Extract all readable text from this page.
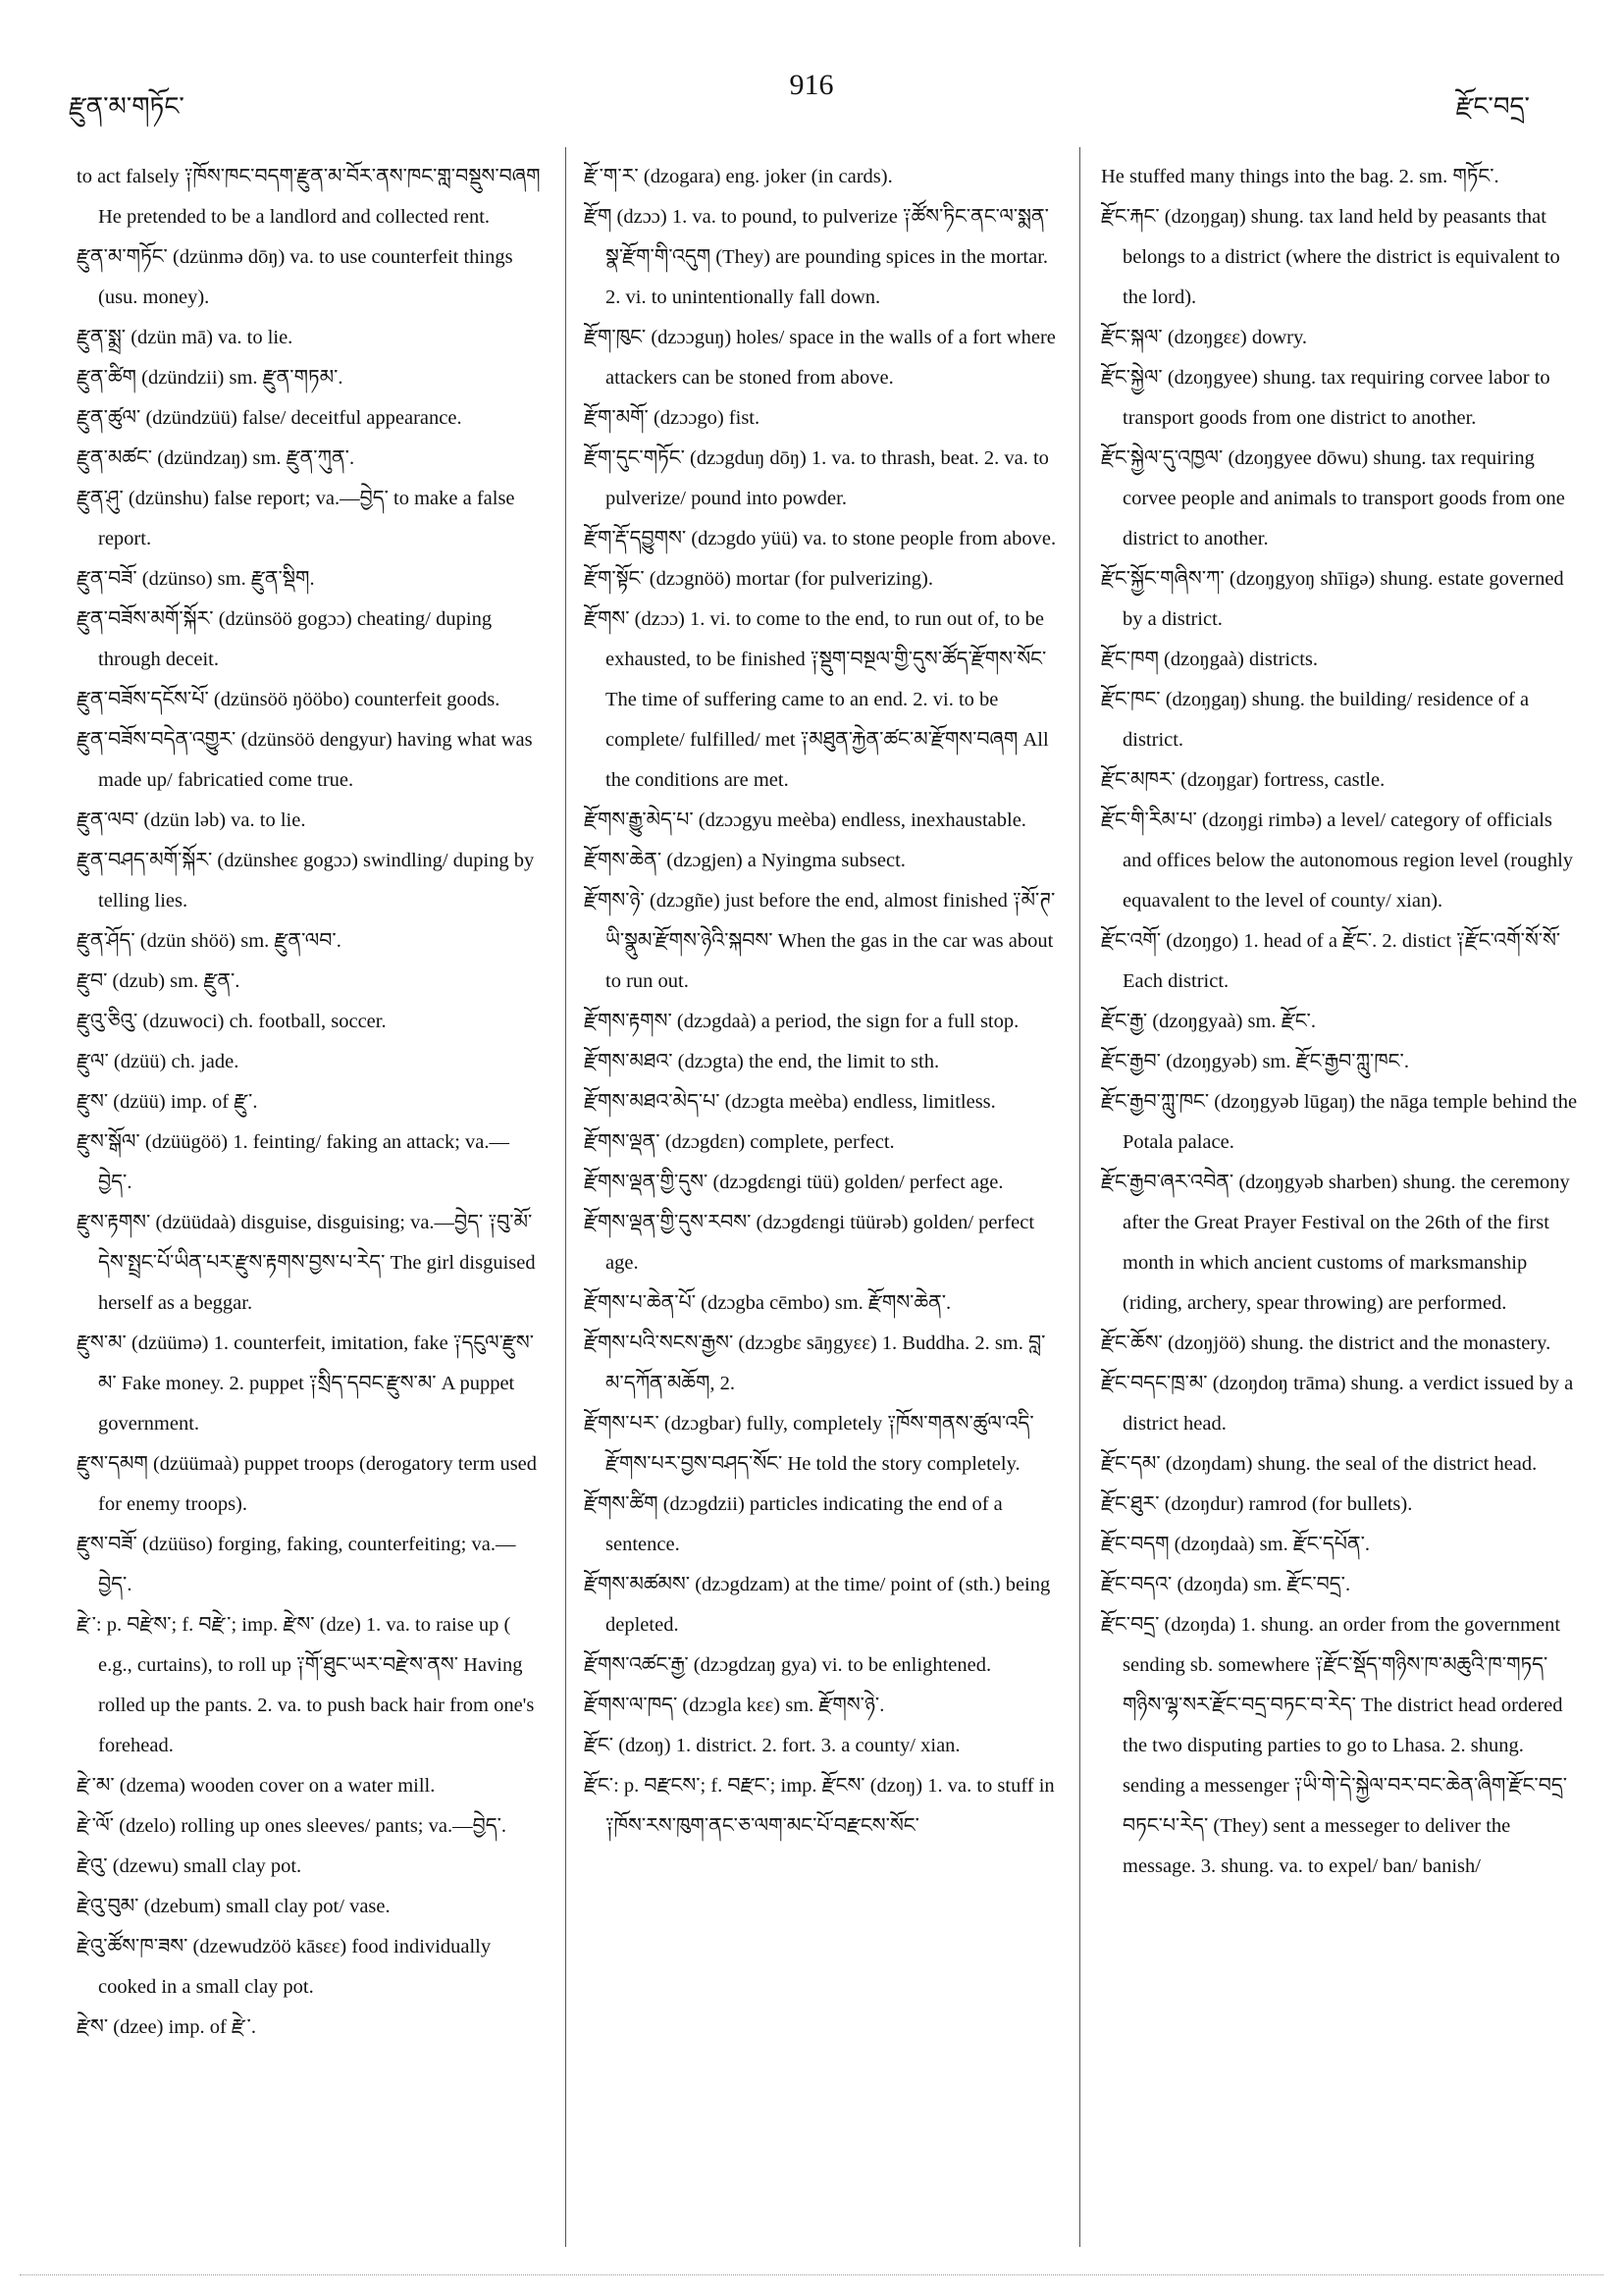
རྫུན་མ་གཏོང་
916
རྫོང་བདྲ་

to act falsely ༑ཁོས་ཁང་བདག་རྫུན་མ་བོར་ནས་ཁང་གླ་བསྡུས་བཞག He pretended to be a landlord and collected rent.

རྫུན་མ་གཏོང་ (dzünmə dōŋ) va. to use counterfeit things (usu. money).

རྫུན་སྨྲ་ (dzün mā) va. to lie.

རྫུན་ཚིག (dzündzii) sm. རྫུན་གཏམ་.

རྫུན་ཚུལ་ (dzündzüü) false/ deceitful appearance.

རྫུན་མཚང་ (dzündzaŋ) sm. རྫུན་ཀུན་.

རྫུན་ཤུ་ (dzünshu) false report; va.—བྱེད་ to make a false report.

རྫུན་བཟོ་ (dzünso) sm. རྫུན་སྡིག.

རྫུན་བཟོས་མགོ་སྐོར་ (dzünsöö gogɔɔ) cheating/ duping through deceit.

རྫུན་བཟོས་དངོས་པོ་ (dzünsöö ŋööbo) counterfeit goods.

རྫུན་བཟོས་བདེན་འགྱུར་ (dzünsöö dengyur) having what was made up/ fabricatied come true.

རྫུན་ལབ་ (dzün ləb) va. to lie.

རྫུན་བཤད་མགོ་སྐོར་ (dzünsheɛ gogɔɔ) swindling/ duping by telling lies.

རྫུན་ཤོད་ (dzün shöö) sm. རྫུན་ལབ་.

རྫུབ་ (dzub) sm. རྫུན་.

རྫུའུ་ཅིའུ་ (dzuwoci) ch. football, soccer.

རྫུལ་ (dzüü) ch. jade.

རྫུས་ (dzüü) imp. of རྫུ་.

རྫུས་སྒོལ་ (dzüügöö) 1. feinting/ faking an attack; va.—བྱེད་.

རྫུས་རྟགས་ (dzüüdaà) disguise, disguising; va.—བྱེད་ ༑བུ་མོ་དེས་སྤྲང་པོ་ཡིན་པར་རྫུས་རྟགས་བྱས་པ་རེད་ The girl disguised herself as a beggar.

རྫུས་མ་ (dzüümə) 1. counterfeit, imitation, fake ༑དངུལ་རྫུས་མ་ Fake money. 2. puppet ༑སྲིད་དབང་རྫུས་མ་ A puppet government.

རྫུས་དམག (dzüümaà) puppet troops (derogatory term used for enemy troops).

རྫུས་བཟོ་ (dzüüso) forging, faking, counterfeiting; va.—བྱེད་.

རྫེ་: p. བརྫེས་; f. བརྫེ་; imp. རྫེས་ (dze) 1. va. to raise up ( e.g., curtains), to roll up ༑གོ་ཐུང་ཡར་བརྫེས་ནས་ Having rolled up the pants. 2. va. to push back hair from one's forehead.

རྫེ་མ་ (dzema) wooden cover on a water mill.

རྫེ་ལོ་ (dzelo) rolling up ones sleeves/ pants; va.—བྱེད་.

རྫེའུ་ (dzewu) small clay pot.

རྫེའུ་བུམ་ (dzebum) small clay pot/ vase.

རྫེའུ་ཚོས་ཁ་ཟས་ (dzewudzöö kāsɛɛ) food individually cooked in a small clay pot.

རྫེས་ (dzee) imp. of རྫེ་.

རྫོ་ག་ར་ (dzogara) eng. joker (in cards).

རྫོག (dzɔɔ) 1. va. to pound, to pulverize ༑ཚོས་ཏིང་ནང་ལ་སྨན་སྣ་རྫོག་གི་འདུག (They) are pounding spices in the mortar. 2. vi. to unintentionally fall down.

རྫོག་ཁུང་ (dzɔɔguŋ) holes/ space in the walls of a fort where attackers can be stoned from above.

རྫོག་མགོ་ (dzɔɔgo) fist.

རྫོག་དུང་གཏོང་ (dzɔgduŋ dōŋ) 1. va. to thrash, beat. 2. va. to pulverize/ pound into powder.

རྫོག་རྡོ་དབྱུགས་ (dzɔgdo yüü) va. to stone people from above.

རྫོག་སྟོང་ (dzɔgnöö) mortar (for pulverizing).

རྫོགས་ (dzɔɔ) 1. vi. to come to the end, to run out of, to be exhausted, to be finished ༑སྡུག་བསྔལ་གྱི་དུས་ཚོད་རྫོགས་སོང་ The time of suffering came to an end. 2. vi. to be complete/ fulfilled/ met ༑མཐུན་རྐྱེན་ཚང་མ་རྫོགས་བཞག All the conditions are met.

རྫོགས་རྒྱུ་མེད་པ་ (dzɔɔgyu meèba) endless, inexhaustable.

རྫོགས་ཆེན་ (dzɔgjen) a Nyingma subsect.

རྫོགས་ཉེ་ (dzɔgñe) just before the end, almost finished ༑མོ་ཊ་ཡི་སྣུམ་རྫོགས་ཉེའི་སྐབས་ When the gas in the car was about to run out.

རྫོགས་རྟགས་ (dzɔgdaà) a period, the sign for a full stop.

རྫོགས་མཐའ་ (dzɔgta) the end, the limit to sth.

རྫོགས་མཐའ་མེད་པ་ (dzɔgta meèba) endless, limitless.

རྫོགས་ལྡན་ (dzɔgdɛn) complete, perfect.

རྫོགས་ལྡན་གྱི་དུས་ (dzɔgdɛngi tüü) golden/ perfect age.

རྫོགས་ལྡན་གྱི་དུས་རབས་ (dzɔgdɛngi tüürəb) golden/ perfect age.

རྫོགས་པ་ཆེན་པོ་ (dzɔgba cēmbo) sm. རྫོགས་ཆེན་.

རྫོགས་པའི་སངས་རྒྱས་ (dzɔgbɛ sāŋgyɛɛ) 1. Buddha. 2. sm. བླ་མ་དཀོན་མཆོག, 2.

རྫོགས་པར་ (dzɔgbar) fully, completely ༑ཁོས་གནས་ཚུལ་འདི་རྫོགས་པར་བྱས་བཤད་སོང་ He told the story completely.

རྫོགས་ཚིག (dzɔgdzii) particles indicating the end of a sentence.

རྫོགས་མཚམས་ (dzɔgdzam) at the time/ point of (sth.) being depleted.

རྫོགས་འཚང་རྒྱ་ (dzɔgdzaŋ gya) vi. to be enlightened.

རྫོགས་ལ་ཁད་ (dzɔgla kɛɛ) sm. རྫོགས་ཉེ་.

རྫོང་ (dzoŋ) 1. district. 2. fort. 3. a county/ xian.

རྫོང་: p. བརྫངས་; f. བརྫང་; imp. རྫོངས་ (dzoŋ) 1. va. to stuff in ༑ཁོས་རས་ཁུག་ནང་ཅ་ལག་མང་པོ་བརྫངས་སོང་

He stuffed many things into the bag. 2. sm. གཏོང་.

རྫོང་རྐང་ (dzoŋgaŋ) shung. tax land held by peasants that belongs to a district (where the district is equivalent to the lord).

རྫོང་སྐལ་ (dzoŋgɛɛ) dowry.

རྫོང་སྐྱེལ་ (dzoŋgyee) shung. tax requiring corvee labor to transport goods from one district to another.

རྫོང་སྐྱེལ་དུ་འཁྱལ་ (dzoŋgyee dōwu) shung. tax requiring corvee people and animals to transport goods from one district to another.

རྫོང་སྐྱོང་གཞིས་ཀ་ (dzoŋgyoŋ shīigə) shung. estate governed by a district.

རྫོང་ཁག (dzoŋgaà) districts.

རྫོང་ཁང་ (dzoŋgaŋ) shung. the building/ residence of a district.

རྫོང་མཁར་ (dzoŋgar) fortress, castle.

རྫོང་གི་རིམ་པ་ (dzoŋgi rimbə) a level/ category of officials and offices below the autonomous region level (roughly equavalent to the level of county/ xian).

རྫོང་འགོ་ (dzoŋgo) 1. head of a རྫོང་. 2. distict ༑རྫོང་འགོ་སོ་སོ་ Each district.

རྫོང་རྒྱ་ (dzoŋgyaà) sm. རྫོང་.

རྫོང་རྒྱབ་ (dzoŋgyəb) sm. རྫོང་རྒྱབ་ཀླུ་ཁང་.

རྫོང་རྒྱབ་ཀླུ་ཁང་ (dzoŋgyəb lūgaŋ) the nāga temple behind the Potala palace.

རྫོང་རྒྱབ་ཞར་འབེན་ (dzoŋgyəb sharben) shung. the ceremony after the Great Prayer Festival on the 26th of the first month in which ancient customs of marksmanship (riding, archery, spear throwing) are performed.

རྫོང་ཆོས་ (dzoŋjöö) shung. the district and the monastery.

རྫོང་བདང་ཁྲ་མ་ (dzoŋdoŋ trāma) shung. a verdict issued by a district head.

རྫོང་དམ་ (dzoŋdam) shung. the seal of the district head.

རྫོང་ཐུར་ (dzoŋdur) ramrod (for bullets).

རྫོང་བདག (dzoŋdaà) sm. རྫོང་དཔོན་.

རྫོང་བདའ་ (dzoŋda) sm. རྫོང་བདྲ་.

རྫོང་བདྲ་ (dzoŋda) 1. shung. an order from the government sending sb. somewhere ༑རྫོང་སྡོད་གཉིས་ཁ་མཆུའི་ཁ་གཏད་གཉིས་ལྷ་སར་རྫོང་བདྲ་བཏང་བ་རེད་ The district head ordered the two disputing parties to go to Lhasa. 2. shung. sending a messenger ༑ཡི་གེ་དེ་སྐྱེལ་བར་བང་ཆེན་ཞིག་རྫོང་བདྲ་བཏང་པ་རེད་ (They) sent a messeger to deliver the message. 3. shung. va. to expel/ ban/ banish/
